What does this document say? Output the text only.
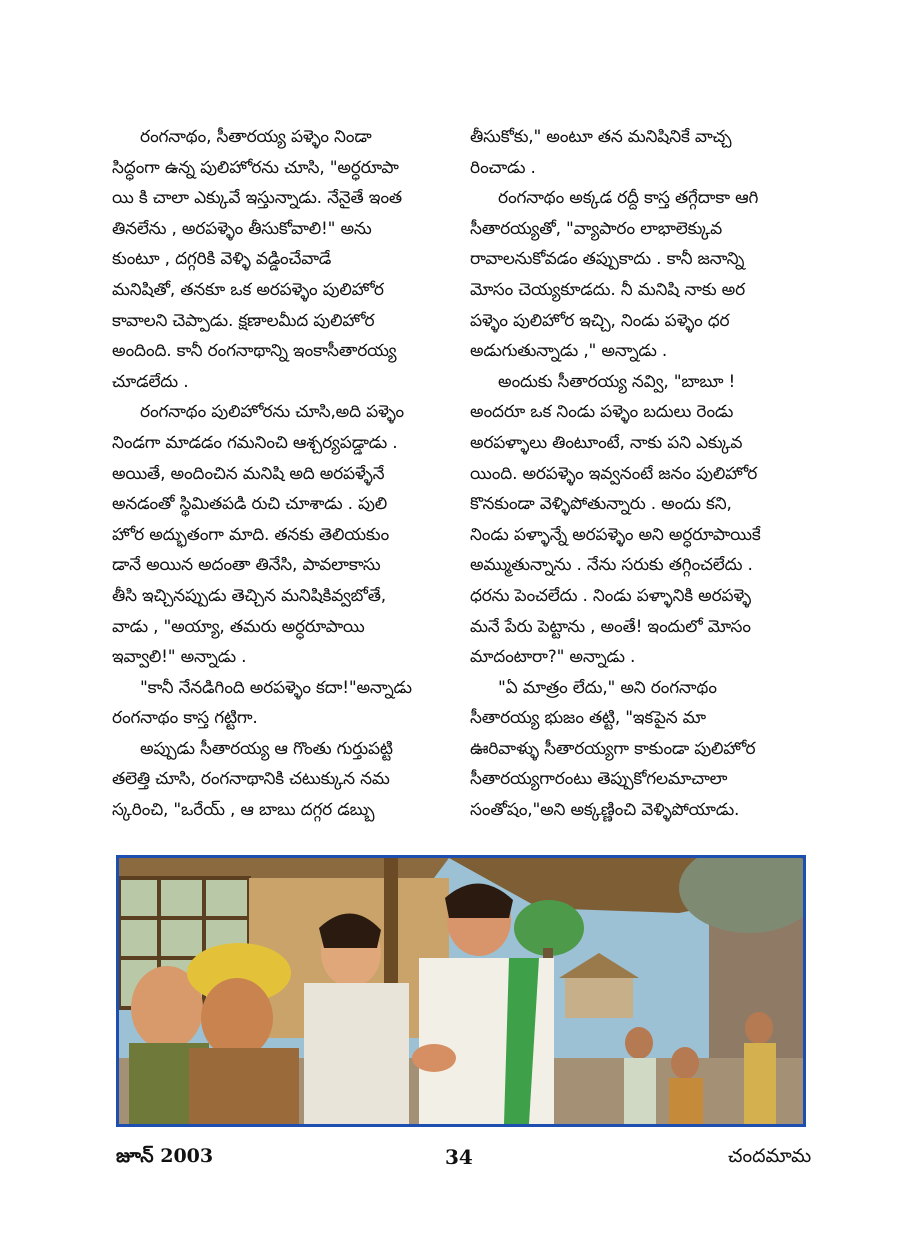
రంగనాథం, సీతారయ్య పళ్ళెం నిండా
సిద్ధంగా ఉన్న పులిహోరను చూసి, "అర్ధరూపా
యి కి చాలా ఎక్కువే ఇస్తున్నాడు. నేనైతే ఇంత
తినలేను , అరపళ్ళెం తీసుకోవాలి!" అను
కుంటూ , దగ్గరికి వెళ్ళి వడ్డించేవాడే
మనిషితో, తనకూ ఒక అరపళ్ళెం పులిహోర
కావాలని చెప్పాడు. క్షణాలమీద పులిహోర
అందింది. కానీ రంగనాథాన్ని ఇంకాసీతారయ్య
చూడలేదు .
రంగనాథం పులిహోరను చూసి,అది పళ్ళెం
నిండగా మాడడం గమనించి ఆశ్చర్యపడ్డాడు .
అయితే, అందించిన మనిషి అది అరపళ్ళేనే
అనడంతో స్థిమితపడి రుచి చూశాడు . పులి
హోర అద్భుతంగా మాది. తనకు తెలియకుం
డానే అయిన అదంతా తినేసి, పావలాకాసు
తీసి ఇచ్చినప్పుడు తెచ్చిన మనిషికివ్వబోతే,
వాడు , "అయ్యా, తమరు అర్ధరూపాయి
ఇవ్వాలి!" అన్నాడు .
"కానీ నేనడిగింది అరపళ్ళెం కదా!"అన్నాడు
రంగనాథం కాస్త గట్టిగా.
అప్పుడు సీతారయ్య ఆ గొంతు గుర్తుపట్టి
తలెత్తి చూసి, రంగనాథానికి చటుక్కున నమ
స్కరించి, "ఒరేయ్ , ఆ బాబు దగ్గర డబ్బు
తీసుకోకు," అంటూ తన మనిషినికే వాచ్చ
రించాడు .
రంగనాథం అక్కడ రద్దీ కాస్త తగ్గేదాకా ఆగి
సీతారయ్యతో, "వ్యాపారం లాభాలెక్కువ
రావాలనుకోవడం తప్పుకాదు . కానీ జనాన్ని
మోసం చెయ్యకూడదు. నీ మనిషి నాకు అర
పళ్ళెం పులిహోర ఇచ్చి, నిండు పళ్ళెం ధర
అడుగుతున్నాడు ," అన్నాడు .
అందుకు సీతారయ్య నవ్వి, "బాబూ !
అందరూ ఒక నిండు పళ్ళెం బదులు రెండు
అరపళ్ళాలు తింటూంటే, నాకు పని ఎక్కువ
యింది. అరపళ్ళెం ఇవ్వనంటే జనం పులిహోర
కొనకుండా వెళ్ళిపోతున్నారు . అందు కని,
నిండు పళ్ళాన్నే అరపళ్ళెం అని అర్ధరూపాయికే
అమ్ముతున్నాను . నేను సరుకు తగ్గించలేదు .
ధరను పెంచలేదు . నిండు పళ్ళానికి అరపళ్ళె
మనే పేరు పెట్టాను , అంతే! ఇందులో మోసం
మాదంటారా?" అన్నాడు .
"ఏ మాత్రం లేదు," అని రంగనాథం
సీతారయ్య భుజం తట్టి, "ఇకపైన మా
ఊరివాళ్ళు సీతారయ్యగా కాకుండా పులిహోర
సీతారయ్యగారంటు తెప్పుకోగలమాచాలా
సంతోషం,"అని అక్కణ్ణించి వెళ్ళిపోయాడు.
జూన్ 2003	34	చందమామ
